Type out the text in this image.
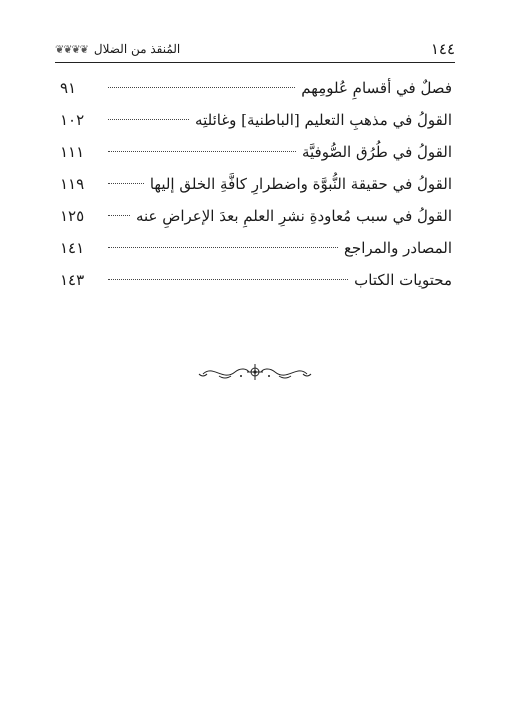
١٤٤
المُنقذ من الضلال
❦❦❦❦
فصلٌ في أقسامِ عُلومِهم
٩١
القولُ في مذهبِ التعليم [الباطنية] وغائلتِه
١٠٢
القولُ في طُرُق الصُّوفيَّة
١١١
القولُ في حقيقة النُّبوَّة واضطرارِ كافَّةِ الخلق إليها
١١٩
القولُ في سبب مُعاودةِ نشرِ العلمِ بعدَ الإعراضِ عنه
١٢٥
المصادر والمراجع
١٤١
محتويات الكتاب
١٤٣
